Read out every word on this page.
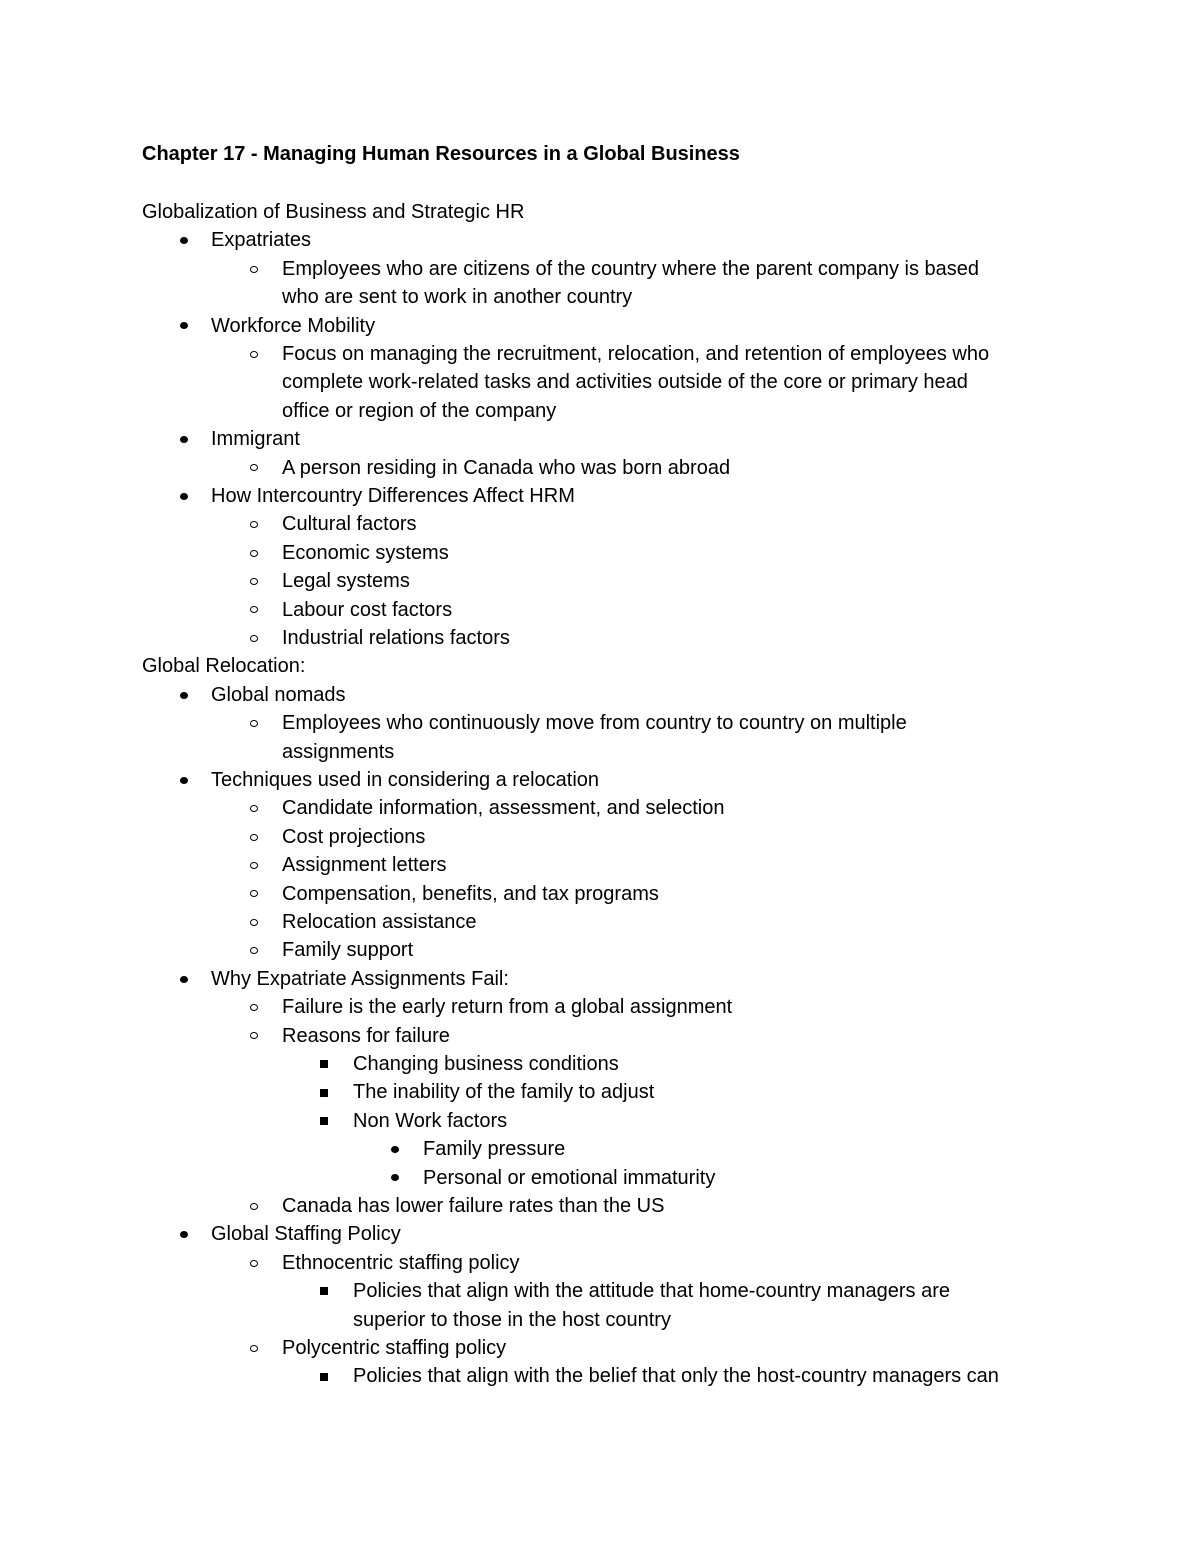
Chapter 17 - Managing Human Resources in a Global Business
Globalization of Business and Strategic HR
Expatriates
Employees who are citizens of the country where the parent company is based
who are sent to work in another country
Workforce Mobility
Focus on managing the recruitment, relocation, and retention of employees who
complete work-related tasks and activities outside of the core or primary head
office or region of the company
Immigrant
A person residing in Canada who was born abroad
How Intercountry Differences Affect HRM
Cultural factors
Economic systems
Legal systems
Labour cost factors
Industrial relations factors
Global Relocation:
Global nomads
Employees who continuously move from country to country on multiple
assignments
Techniques used in considering a relocation
Candidate information, assessment, and selection
Cost projections
Assignment letters
Compensation, benefits, and tax programs
Relocation assistance
Family support
Why Expatriate Assignments Fail:
Failure is the early return from a global assignment
Reasons for failure
Changing business conditions
The inability of the family to adjust
Non Work factors
Family pressure
Personal or emotional immaturity
Canada has lower failure rates than the US
Global Staffing Policy
Ethnocentric staffing policy
Policies that align with the attitude that home-country managers are
superior to those in the host country
Polycentric staffing policy
Policies that align with the belief that only the host-country managers can
